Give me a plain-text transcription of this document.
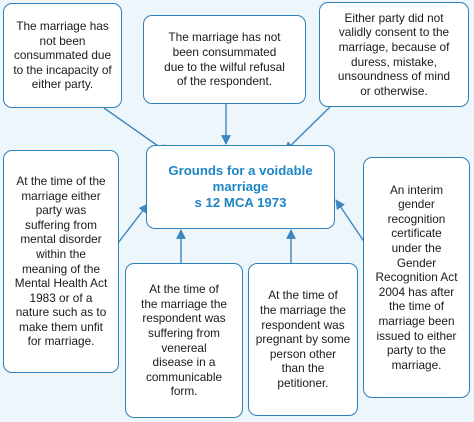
The marriage has
not been
consummated due
to the incapacity of
either party.
The marriage has not
been consummated
due to the wilful refusal
of the respondent.
Either party did not
validly consent to the
marriage, because of
duress, mistake,
unsoundness of mind
or otherwise.
Grounds for a voidable
marriage
s 12 MCA 1973
At the time of the
marriage either
party was
suffering from
mental disorder
within the
meaning of the
Mental Health Act
1983 or of a
nature such as to
make them unfit
for marriage.
At the time of
the marriage the
respondent was
suffering from
venereal
disease in a
communicable
form.
At the time of
the marriage the
respondent was
pregnant by some
person other
than the
petitioner.
An interim
gender
recognition
certificate
under the
Gender
Recognition Act
2004 has after
the time of
marriage been
issued to either
party to the
marriage.
